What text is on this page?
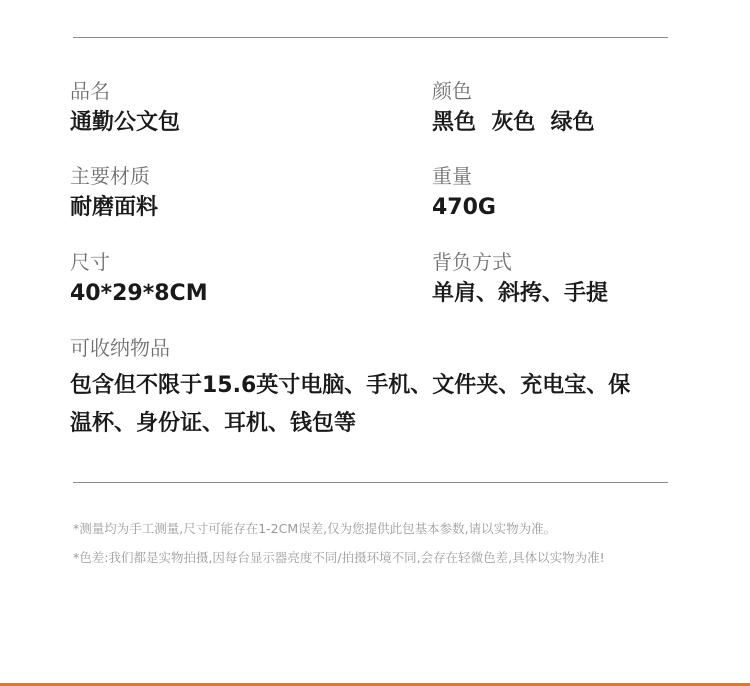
品名
通勤公文包
颜色
黑色  灰色  绿色
主要材质
耐磨面料
重量
470G
尺寸
40*29*8CM
背负方式
单肩、斜挎、手提
可收纳物品
包含但不限于15.6英寸电脑、手机、文件夹、充电宝、保温杯、身份证、耳机、钱包等
*测量均为手工测量,尺寸可能存在1-2CM误差,仅为您提供此包基本参数,请以实物为准。
*色差:我们都是实物拍摄,因每台显示器亮度不同/拍摄环境不同,会存在轻微色差,具体以实物为准!
